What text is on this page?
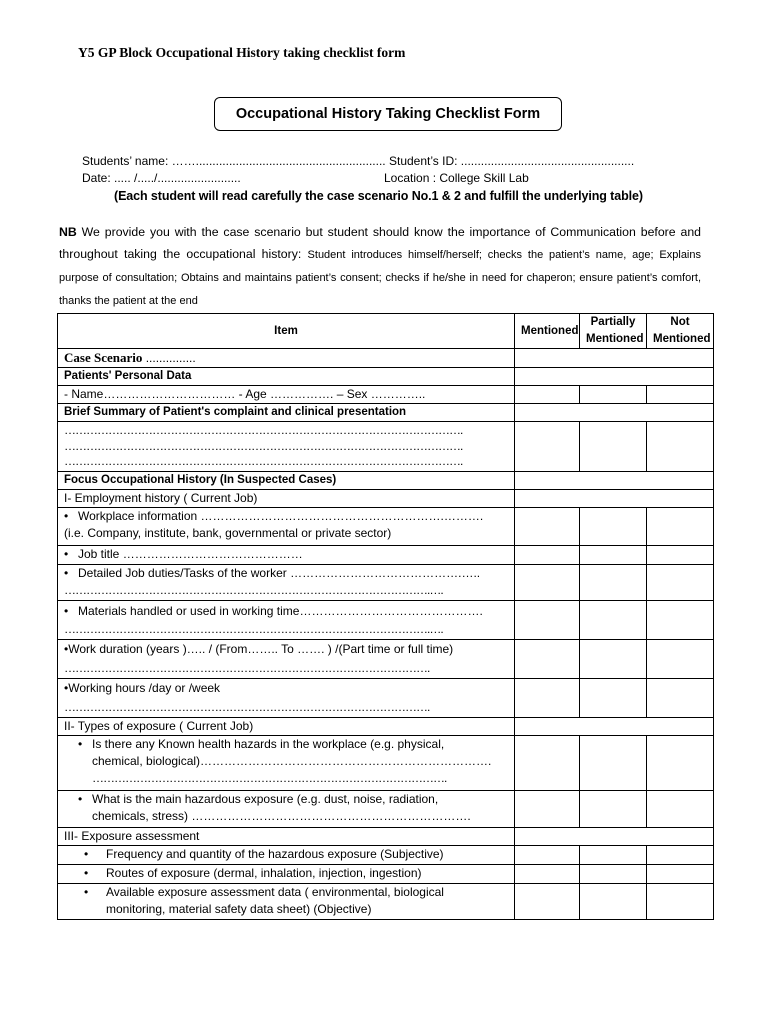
Y5 GP Block Occupational History taking checklist form
Occupational History Taking Checklist Form
Students’ name: ……......................................................... Student’s ID: ....................................................
Date: ..... /...../.........................	Location : College Skill Lab
(Each student will read carefully the case scenario No.1 & 2 and fulfill the underlying table)
NB We provide you with the case scenario but student should know the importance of Communication before and throughout taking the occupational history: Student introduces himself/herself; checks the patient’s name, age; Explains purpose of consultation; Obtains and maintains patient’s consent; checks if he/she in need for chaperon; ensure patient’s comfort, thanks the patient at the end
Item	Mentioned	Partially Mentioned	Not Mentioned
Case Scenario ...............			
Patients' Personal Data			
- Name…………………………… - Age ……………. – Sex …………..			
Brief Summary of Patient's complaint and clinical presentation			

……………………………………………………………………………………………….
……………………………………………………………………………………………….
……………………………………………………………………………………………….			

Focus Occupational History (In Suspected Cases)			
I- Employment history ( Current Job)			

• Workplace information …………………………………………………….……….
(i.e. Company, institute, bank, governmental or private sector)			

• Job title ………………………………………			

• Detailed Job duties/Tasks of the worker …………………………………….…..
……………………………………………………………………………………….….			

• Materials handled or used in working time……………………………………….
……………………………………………………………………………………….….			

•Work duration (years )….. / (From…….. To ……. ) /(Part time or full time)
……………………………………………………………………………………….			

•Working hours /day or /week
……………………………………………………………………………………….			

II- Types of exposure ( Current Job)			

• Is there any Known health hazards in the workplace (e.g. physical,
chemical, biological)……………………………………………………………….
…………………………………………………………………………………….			

• What is the main hazardous exposure (e.g. dust, noise, radiation,
chemicals, stress) …………………………………………………………….			

III- Exposure assessment			
• Frequency and quantity of the hazardous exposure (Subjective)			
• Routes of exposure (dermal, inhalation, injection, ingestion)			

• Available exposure assessment data ( environmental, biological
monitoring, material safety data sheet) (Objective)			
